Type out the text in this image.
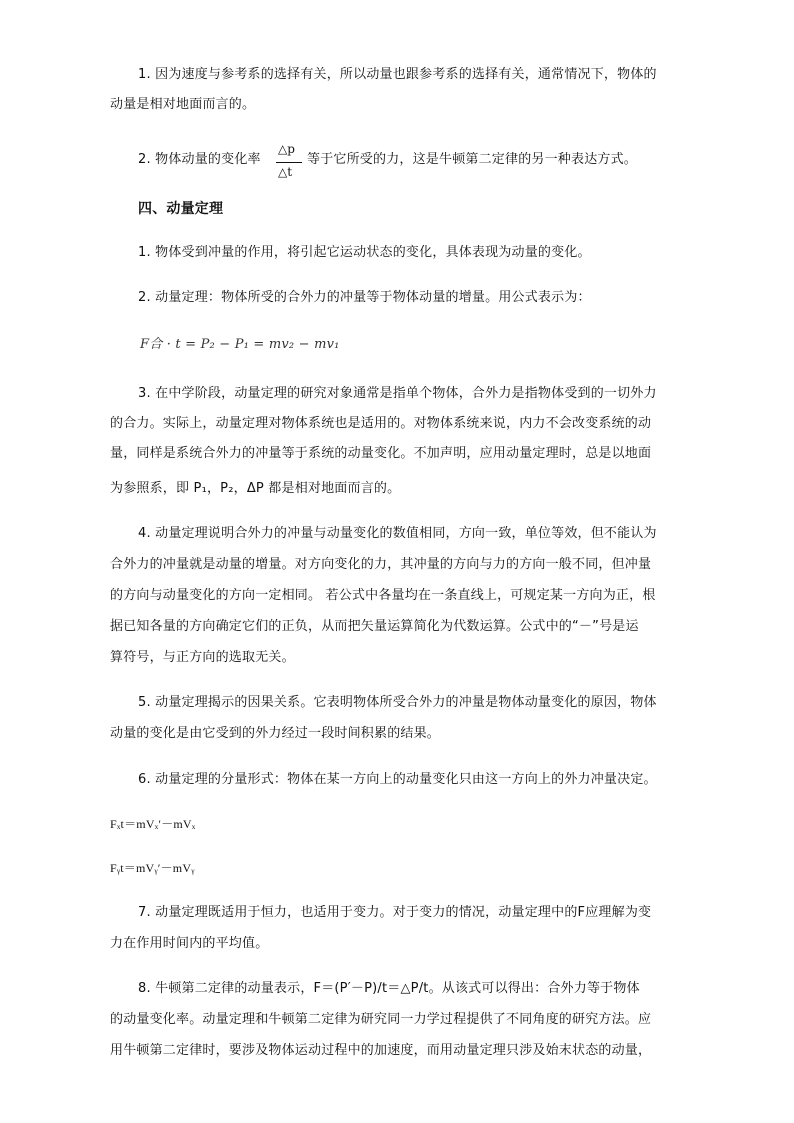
1. 因为速度与参考系的选择有关，所以动量也跟参考系的选择有关，通常情况下，物体的
动量是相对地面而言的。
2. 物体动量的变化率
△p
△t
等于它所受的力，这是牛顿第二定律的另一种表达方式。
四、动量定理
1. 物体受到冲量的作用，将引起它运动状态的变化，具体表现为动量的变化。
2. 动量定理：物体所受的合外力的冲量等于物体动量的增量。用公式表示为：
F合 · t = P₂ − P₁ = mv₂ − mv₁
3. 在中学阶段，动量定理的研究对象通常是指单个物体，合外力是指物体受到的一切外力
的合力。实际上，动量定理对物体系统也是适用的。对物体系统来说，内力不会改变系统的动
量，同样是系统合外力的冲量等于系统的动量变化。不加声明，应用动量定理时，总是以地面
为参照系，即 P₁，P₂，ΔP 都是相对地面而言的。
4. 动量定理说明合外力的冲量与动量变化的数值相同，方向一致，单位等效，但不能认为
合外力的冲量就是动量的增量。对方向变化的力，其冲量的方向与力的方向一般不同，但冲量
的方向与动量变化的方向一定相同。 若公式中各量均在一条直线上，可规定某一方向为正，根
据已知各量的方向确定它们的正负，从而把矢量运算简化为代数运算。公式中的“－”号是运
算符号，与正方向的选取无关。
5. 动量定理揭示的因果关系。它表明物体所受合外力的冲量是物体动量变化的原因，物体
动量的变化是由它受到的外力经过一段时间积累的结果。
6. 动量定理的分量形式：物体在某一方向上的动量变化只由这一方向上的外力冲量决定。
Fₓt＝mVₓ′－mVₓ
Fᵧt＝mVᵧ′－mVᵧ
7. 动量定理既适用于恒力，也适用于变力。对于变力的情况，动量定理中的F应理解为变
力在作用时间内的平均值。
8. 牛顿第二定律的动量表示，F＝(P′－P)/t＝△P/t。从该式可以得出：合外力等于物体
的动量变化率。动量定理和牛顿第二定律为研究同一力学过程提供了不同角度的研究方法。应
用牛顿第二定律时，要涉及物体运动过程中的加速度，而用动量定理只涉及始末状态的动量，
